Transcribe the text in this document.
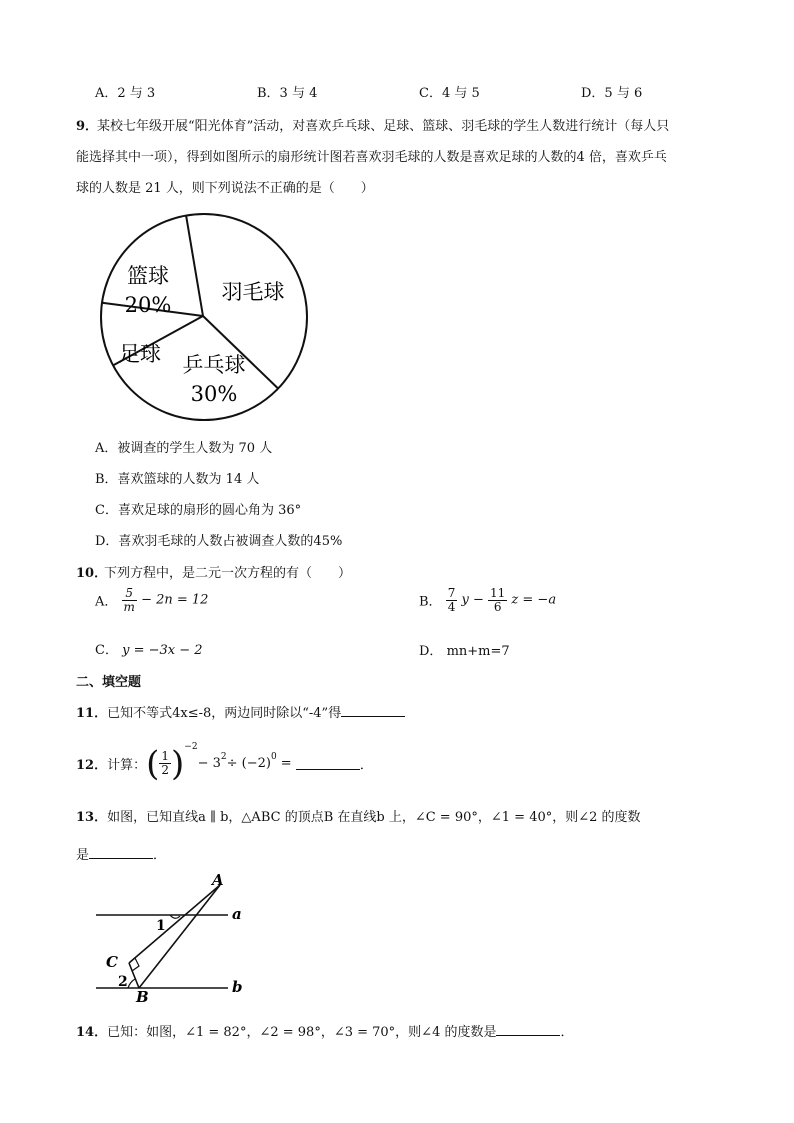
A．2 与 3	B．3 与 4	C．4 与 5	D．5 与 6
9．
某校七年级开展“阳光体育”活动，对喜欢乒乓球、足球、篮球、羽毛球的学生人数进行统计（每人只
能选择其中一项），得到如图所示的扇形统计图若喜欢羽毛球的人数是喜欢足球的人数的4 倍，喜欢乒乓
球的人数是 21 人，则下列说法不正确的是（　　）
篮球
20%
羽毛球
乒乓球
30%
足球
A．被调查的学生人数为 70 人
B．喜欢篮球的人数为 14 人
C．喜欢足球的扇形的圆心角为 36°
D．喜欢羽毛球的人数占被调查人数的45%
10．
下列方程中，是二元一次方程的有（　　）
A． $\frac{5}{m} - 2n = 12$	B． $\frac{7}{4}$ $y - \frac{11}{6}$ z = −a
C． y = −3x − 2	D． mn+m=7
二、填空题
11．已知不等式4x≤-8，两边同时除以“-4”得
12．计算：( $\frac{1}{2} )^{-2}- 3^2\div (-2)^0$ =	．
13．如图，已知直线a ∥ b，△ABC 的顶点B 在直线b 上，∠C = 90°，∠1 = 40°，则∠2 的度数
是	．
A
a
1
C
2
B
b
14．已知：如图，∠1 = 82°，∠2 = 98°，∠3 = 70°，则∠4 的度数是	．
